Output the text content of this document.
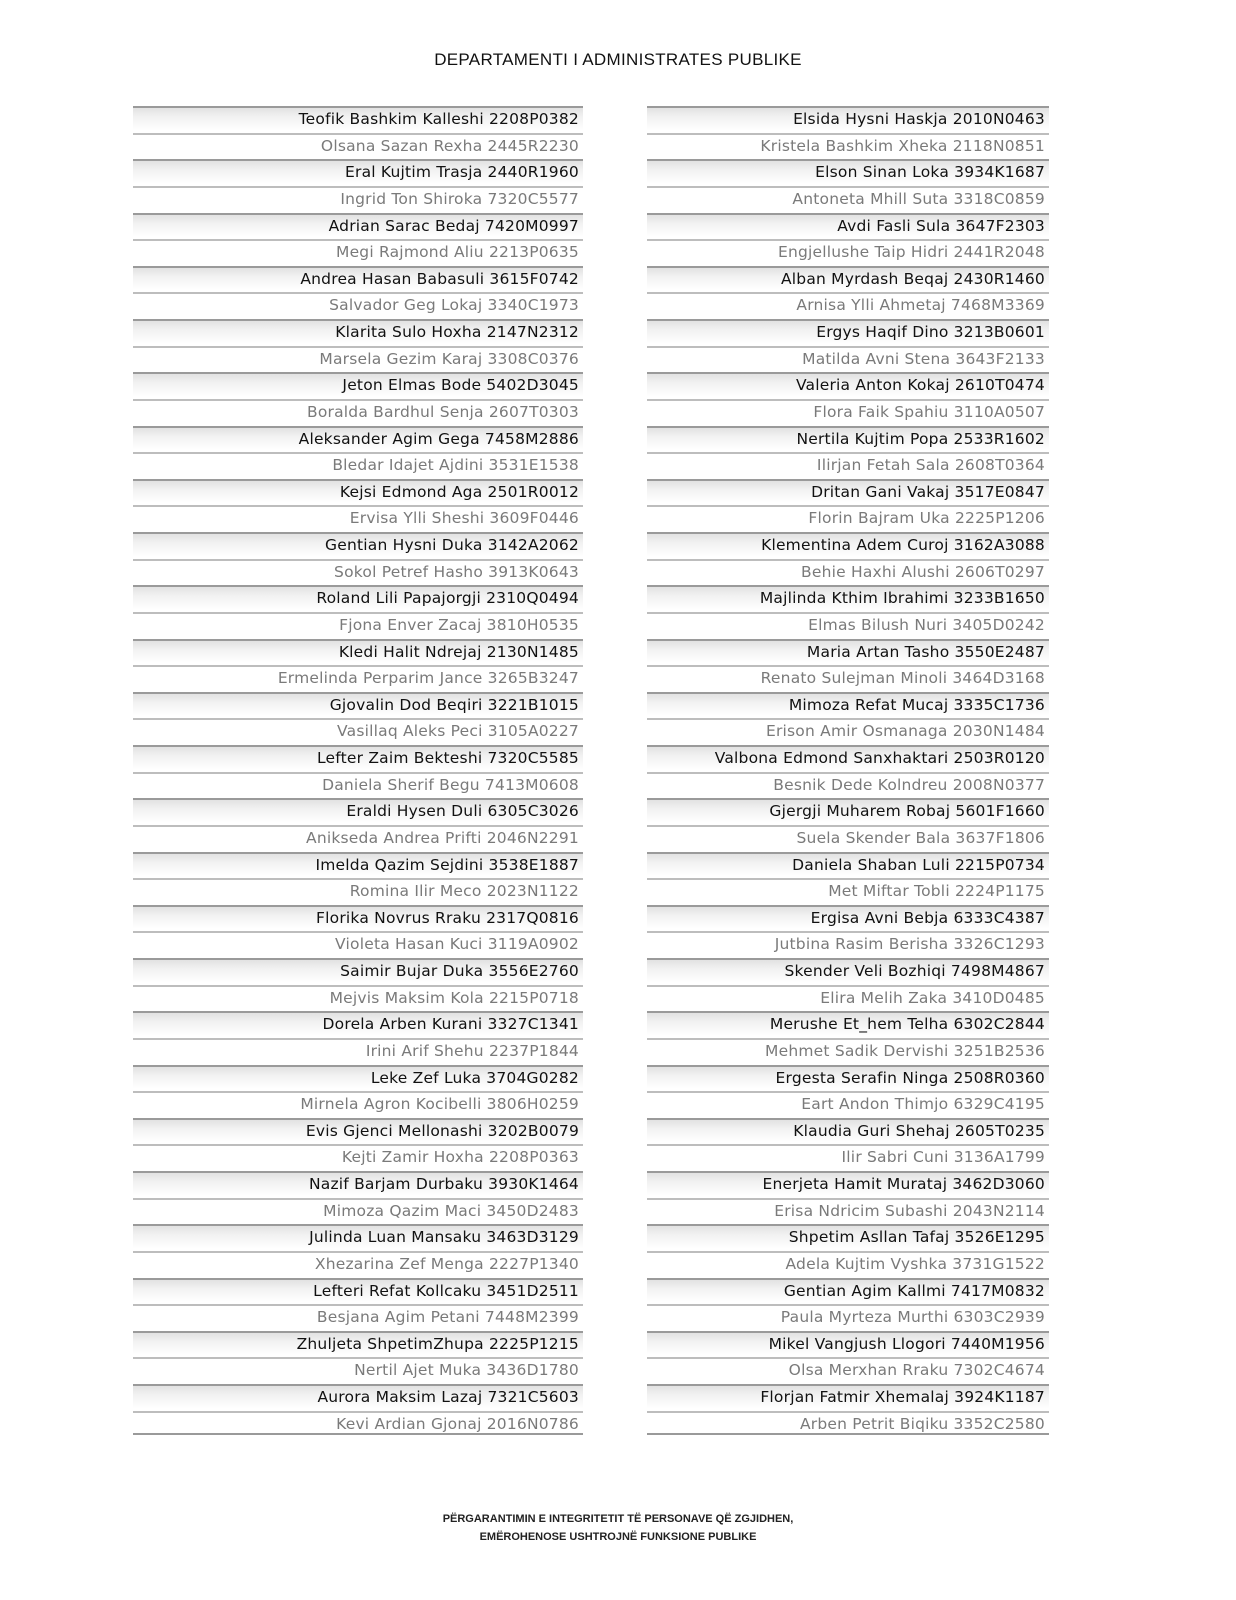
DEPARTAMENTI I ADMINISTRATES PUBLIKE
Teofik Bashkim Kalleshi 2208P0382
Olsana Sazan Rexha 2445R2230
Eral Kujtim Trasja 2440R1960
Ingrid Ton Shiroka 7320C5577
Adrian Sarac Bedaj 7420M0997
Megi Rajmond Aliu 2213P0635
Andrea Hasan Babasuli 3615F0742
Salvador Geg Lokaj 3340C1973
Klarita Sulo Hoxha 2147N2312
Marsela Gezim Karaj 3308C0376
Jeton Elmas Bode 5402D3045
Boralda Bardhul Senja 2607T0303
Aleksander Agim Gega 7458M2886
Bledar Idajet Ajdini 3531E1538
Kejsi Edmond Aga 2501R0012
Ervisa Ylli Sheshi 3609F0446
Gentian Hysni Duka 3142A2062
Sokol Petref Hasho 3913K0643
Roland Lili Papajorgji 2310Q0494
Fjona Enver Zacaj 3810H0535
Kledi Halit Ndrejaj 2130N1485
Ermelinda Perparim Jance 3265B3247
Gjovalin Dod Beqiri 3221B1015
Vasillaq Aleks Peci 3105A0227
Lefter Zaim Bekteshi 7320C5585
Daniela Sherif Begu 7413M0608
Eraldi Hysen Duli 6305C3026
Anikseda Andrea Prifti 2046N2291
Imelda Qazim Sejdini 3538E1887
Romina Ilir Meco 2023N1122
Florika Novrus Rraku 2317Q0816
Violeta Hasan Kuci 3119A0902
Saimir Bujar Duka 3556E2760
Mejvis Maksim Kola 2215P0718
Dorela Arben Kurani 3327C1341
Irini Arif Shehu 2237P1844
Leke Zef Luka 3704G0282
Mirnela Agron Kocibelli 3806H0259
Evis Gjenci Mellonashi 3202B0079
Kejti Zamir Hoxha 2208P0363
Nazif Barjam Durbaku 3930K1464
Mimoza Qazim Maci 3450D2483
Julinda Luan Mansaku 3463D3129
Xhezarina Zef Menga 2227P1340
Lefteri Refat Kollcaku 3451D2511
Besjana Agim Petani 7448M2399
Zhuljeta ShpetimZhupa 2225P1215
Nertil Ajet Muka 3436D1780
Aurora Maksim Lazaj 7321C5603
Kevi Ardian Gjonaj 2016N0786
Elsida Hysni Haskja 2010N0463
Kristela Bashkim Xheka 2118N0851
Elson Sinan Loka 3934K1687
Antoneta Mhill Suta 3318C0859
Avdi Fasli Sula 3647F2303
Engjellushe Taip Hidri 2441R2048
Alban Myrdash Beqaj 2430R1460
Arnisa Ylli Ahmetaj 7468M3369
Ergys Haqif Dino 3213B0601
Matilda Avni Stena 3643F2133
Valeria Anton Kokaj 2610T0474
Flora Faik Spahiu 3110A0507
Nertila Kujtim Popa 2533R1602
Ilirjan Fetah Sala 2608T0364
Dritan Gani Vakaj 3517E0847
Florin Bajram Uka 2225P1206
Klementina Adem Curoj 3162A3088
Behie Haxhi Alushi 2606T0297
Majlinda Kthim Ibrahimi 3233B1650
Elmas Bilush Nuri 3405D0242
Maria Artan Tasho 3550E2487
Renato Sulejman Minoli 3464D3168
Mimoza Refat Mucaj 3335C1736
Erison Amir Osmanaga 2030N1484
Valbona Edmond Sanxhaktari 2503R0120
Besnik Dede Kolndreu 2008N0377
Gjergji Muharem Robaj 5601F1660
Suela Skender Bala 3637F1806
Daniela Shaban Luli 2215P0734
Met Miftar Tobli 2224P1175
Ergisa Avni Bebja 6333C4387
Jutbina Rasim Berisha 3326C1293
Skender Veli Bozhiqi 7498M4867
Elira Melih Zaka 3410D0485
Merushe Et_hem Telha 6302C2844
Mehmet Sadik Dervishi 3251B2536
Ergesta Serafin Ninga 2508R0360
Eart Andon Thimjo 6329C4195
Klaudia Guri Shehaj 2605T0235
Ilir Sabri Cuni 3136A1799
Enerjeta Hamit Murataj 3462D3060
Erisa Ndricim Subashi 2043N2114
Shpetim Asllan Tafaj 3526E1295
Adela Kujtim Vyshka 3731G1522
Gentian Agim Kallmi 7417M0832
Paula Myrteza Murthi 6303C2939
Mikel Vangjush Llogori 7440M1956
Olsa Merxhan Rraku 7302C4674
Florjan Fatmir Xhemalaj 3924K1187
Arben Petrit Biqiku 3352C2580
PËRGARANTIMIN E INTEGRITETIT TË PERSONAVE QË ZGJIDHEN,
EMËROHENOSE USHTROJNË FUNKSIONE PUBLIKE
